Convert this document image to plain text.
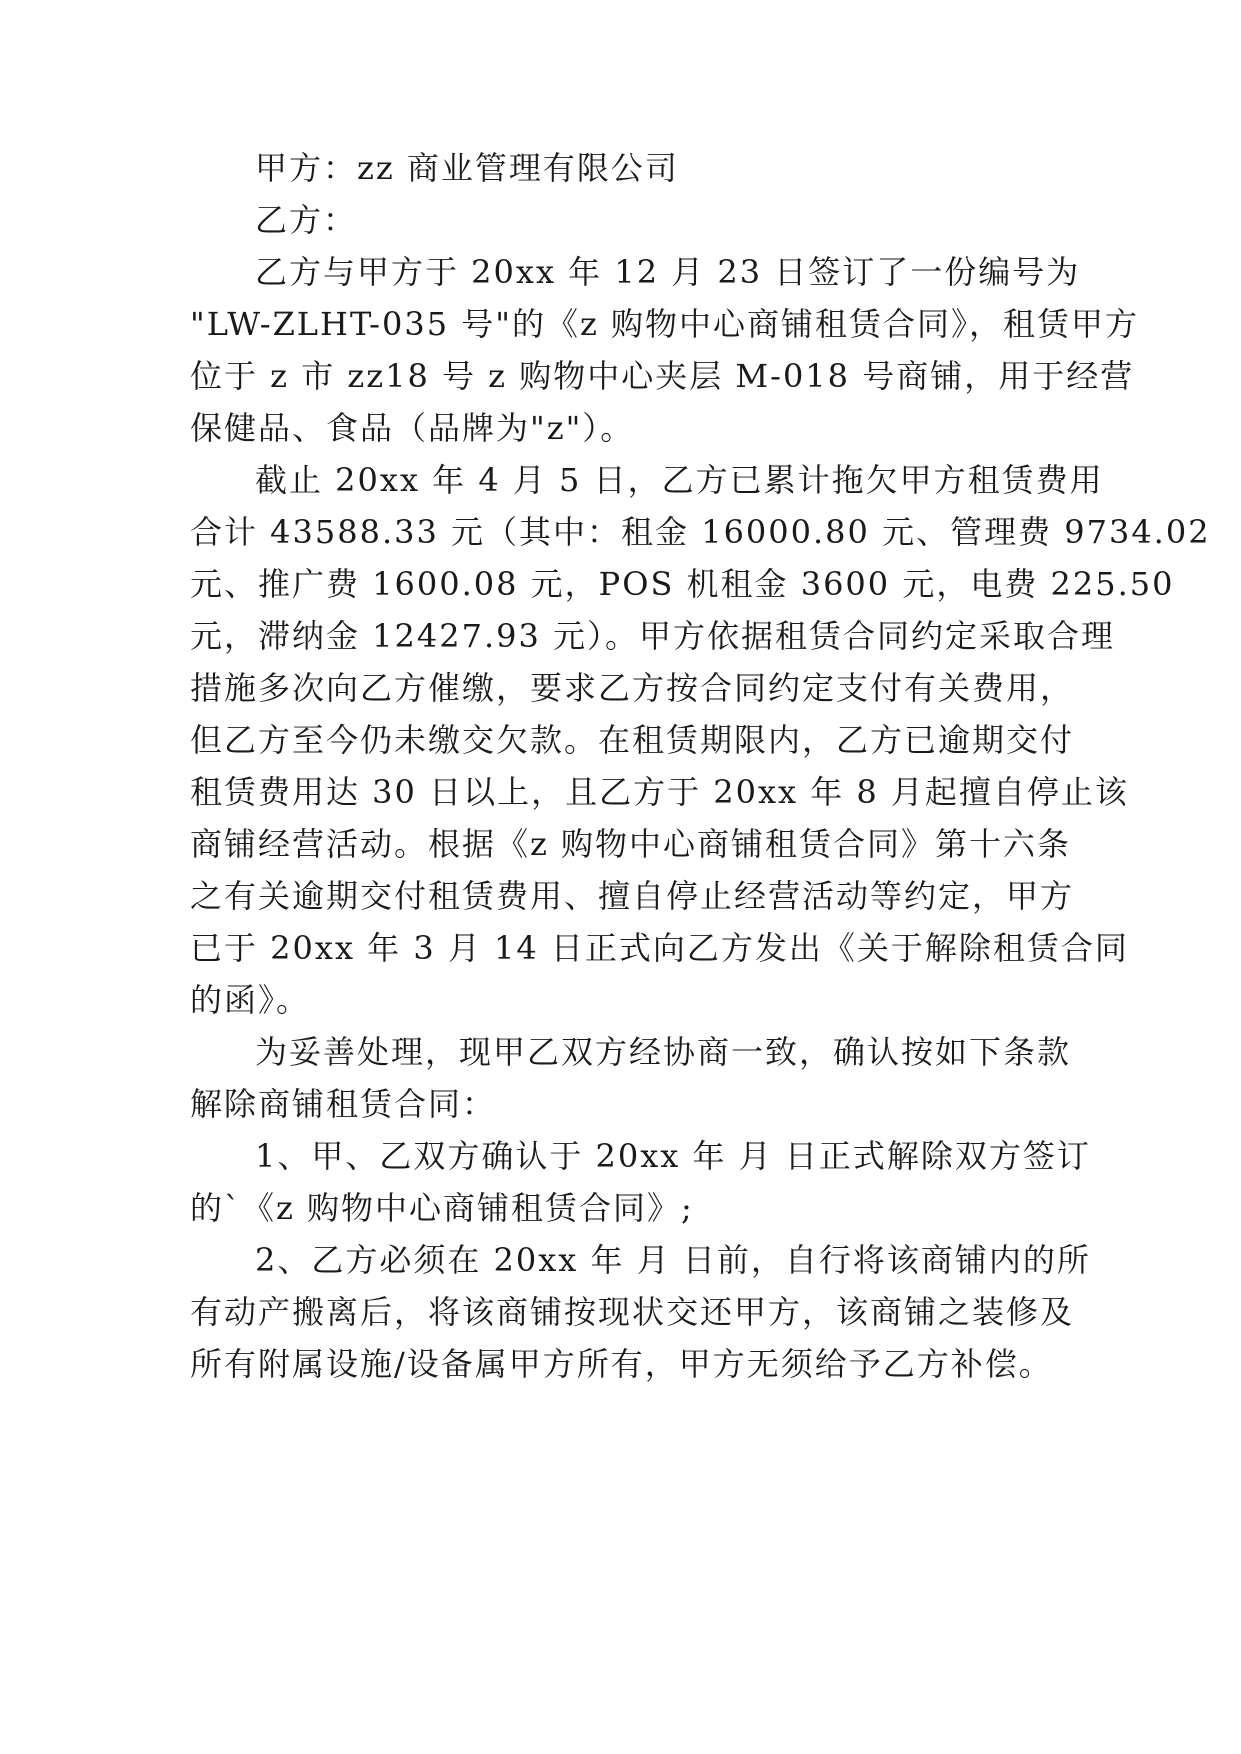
甲方：zz 商业管理有限公司
乙方：
乙方与甲方于 20xx 年 12 月 23 日签订了一份编号为
"LW-ZLHT-035 号"的《z 购物中心商铺租赁合同》，租赁甲方
位于 z 市 zz18 号 z 购物中心夹层 M-018 号商铺，用于经营
保健品、食品（品牌为"z"）。
截止 20xx 年 4 月 5 日，乙方已累计拖欠甲方租赁费用
合计 43588.33 元（其中：租金 16000.80 元、管理费 9734.02
元、推广费 1600.08 元，POS 机租金 3600 元，电费 225.50
元，滞纳金 12427.93 元）。甲方依据租赁合同约定采取合理
措施多次向乙方催缴，要求乙方按合同约定支付有关费用，
但乙方至今仍未缴交欠款。在租赁期限内，乙方已逾期交付
租赁费用达 30 日以上，且乙方于 20xx 年 8 月起擅自停止该
商铺经营活动。根据《z 购物中心商铺租赁合同》第十六条
之有关逾期交付租赁费用、擅自停止经营活动等约定，甲方
已于 20xx 年 3 月 14 日正式向乙方发出《关于解除租赁合同
的函》。
为妥善处理，现甲乙双方经协商一致，确认按如下条款
解除商铺租赁合同：
1、甲、乙双方确认于 20xx 年 月 日正式解除双方签订
的`《z 购物中心商铺租赁合同》;
2、乙方必须在 20xx 年 月 日前，自行将该商铺内的所
有动产搬离后，将该商铺按现状交还甲方，该商铺之装修及
所有附属设施/设备属甲方所有，甲方无须给予乙方补偿。
